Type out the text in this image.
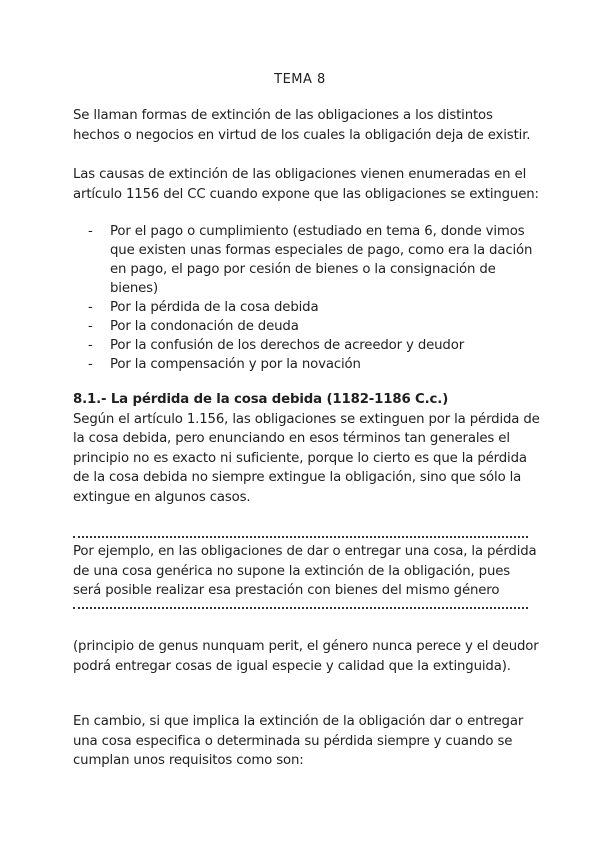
TEMA 8
Se llaman formas de extinción de las obligaciones a los distintos
hechos o negocios en virtud de los cuales la obligación deja de existir.
Las causas de extinción de las obligaciones vienen enumeradas en el
artículo 1156 del CC cuando expone que las obligaciones se extinguen:
- Por el pago o cumplimiento (estudiado en tema 6, donde vimos
que existen unas formas especiales de pago, como era la dación
en pago, el pago por cesión de bienes o la consignación de
bienes)
- Por la pérdida de la cosa debida
- Por la condonación de deuda
- Por la confusión de los derechos de acreedor y deudor
- Por la compensación y por la novación
8.1.- La pérdida de la cosa debida (1182-1186 C.c.)
Según el artículo 1.156, las obligaciones se extinguen por la pérdida de
la cosa debida, pero enunciando en esos términos tan generales el
principio no es exacto ni suficiente, porque lo cierto es que la pérdida
de la cosa debida no siempre extingue la obligación, sino que sólo la
extingue en algunos casos.
Por ejemplo, en las obligaciones de dar o entregar una cosa, la pérdida
de una cosa genérica no supone la extinción de la obligación, pues
será posible realizar esa prestación con bienes del mismo género
(principio de genus nunquam perit, el género nunca perece y el deudor
podrá entregar cosas de igual especie y calidad que la extinguida).
En cambio, si que implica la extinción de la obligación dar o entregar
una cosa especifica o determinada su pérdida siempre y cuando se
cumplan unos requisitos como son:
